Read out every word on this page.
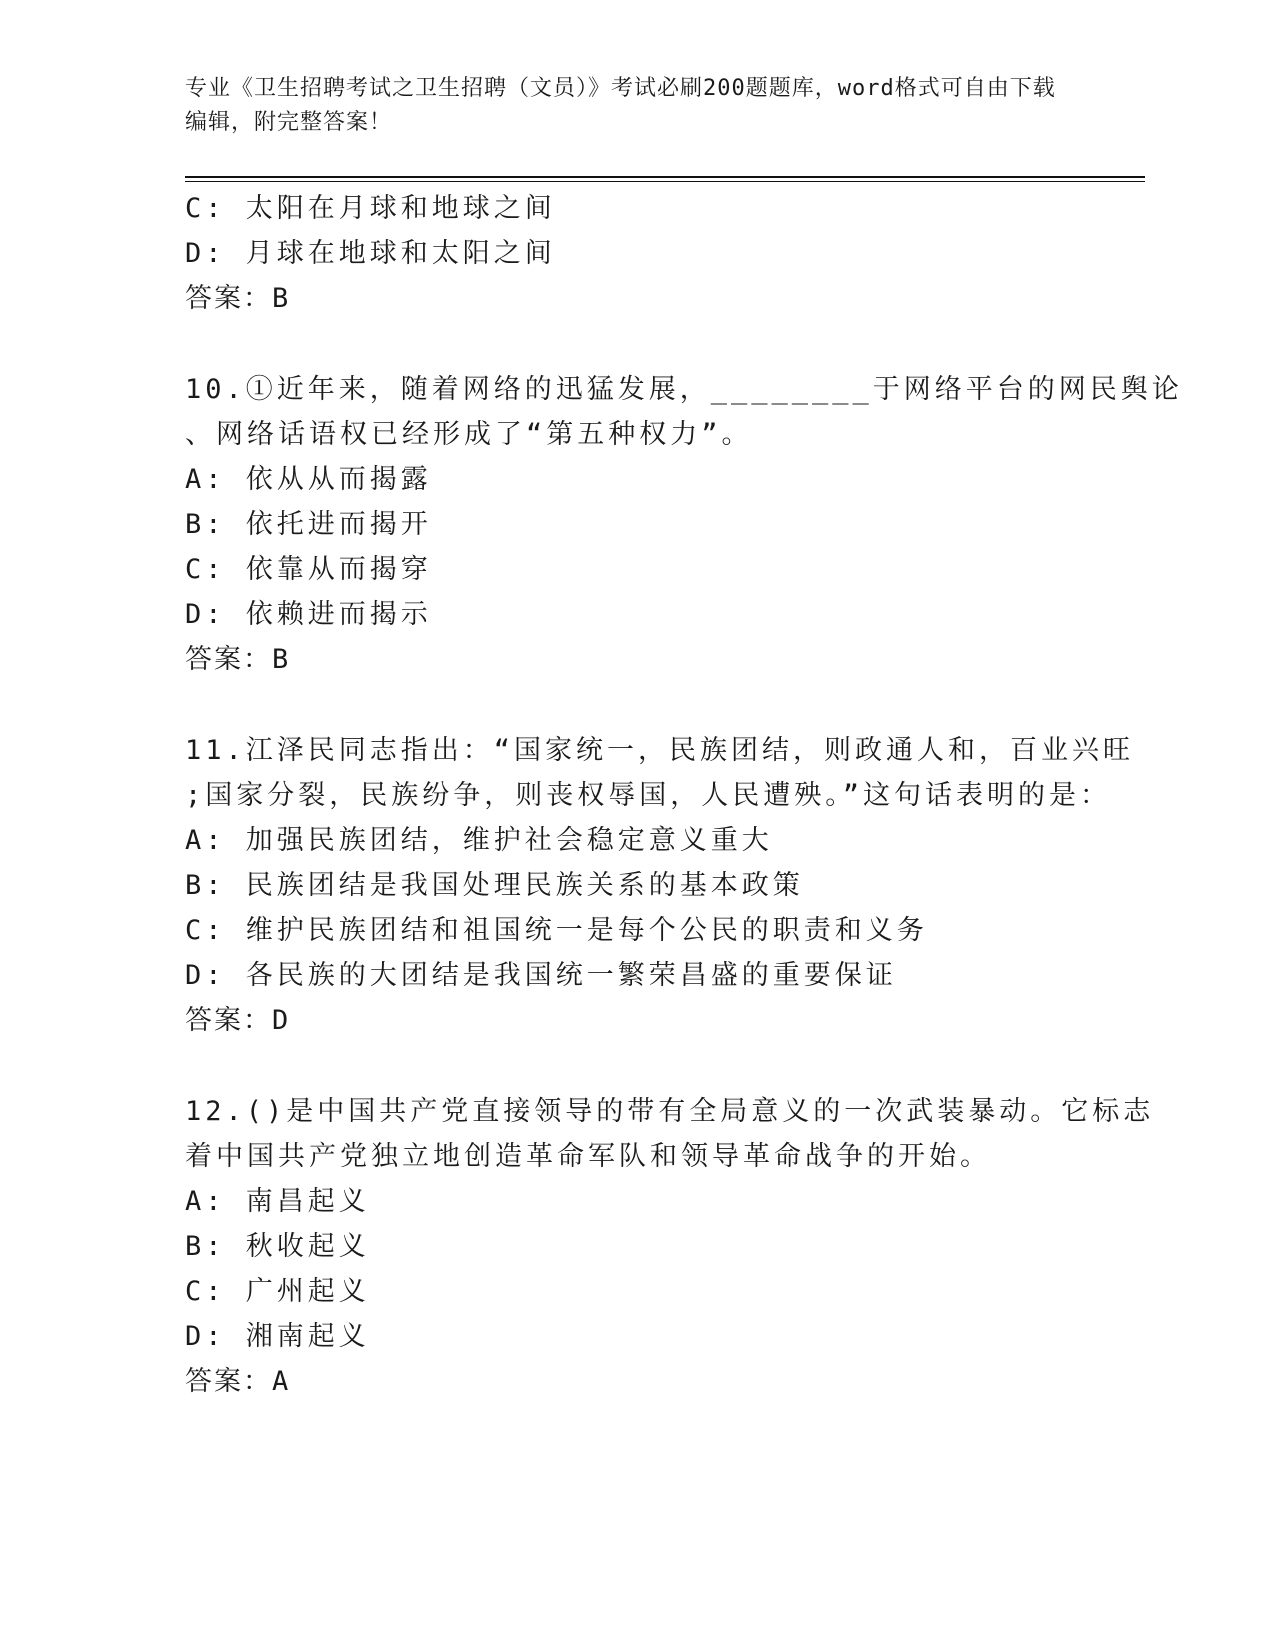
专业《卫生招聘考试之卫生招聘（文员）》考试必刷200题题库，word格式可自由下载编辑，附完整答案！
C: 太阳在月球和地球之间
D: 月球在地球和太阳之间
答案：B
10.①近年来，随着网络的迅猛发展，________于网络平台的网民舆论
、网络话语权已经形成了“第五种权力”。
A: 依从从而揭露
B: 依托进而揭开
C: 依靠从而揭穿
D: 依赖进而揭示
答案：B
11.江泽民同志指出：“国家统一，民族团结，则政通人和，百业兴旺
;国家分裂，民族纷争，则丧权辱国，人民遭殃。”这句话表明的是：
A: 加强民族团结，维护社会稳定意义重大
B: 民族团结是我国处理民族关系的基本政策
C: 维护民族团结和祖国统一是每个公民的职责和义务
D: 各民族的大团结是我国统一繁荣昌盛的重要保证
答案：D
12.()是中国共产党直接领导的带有全局意义的一次武装暴动。它标志
着中国共产党独立地创造革命军队和领导革命战争的开始。
A: 南昌起义
B: 秋收起义
C: 广州起义
D: 湘南起义
答案：A
